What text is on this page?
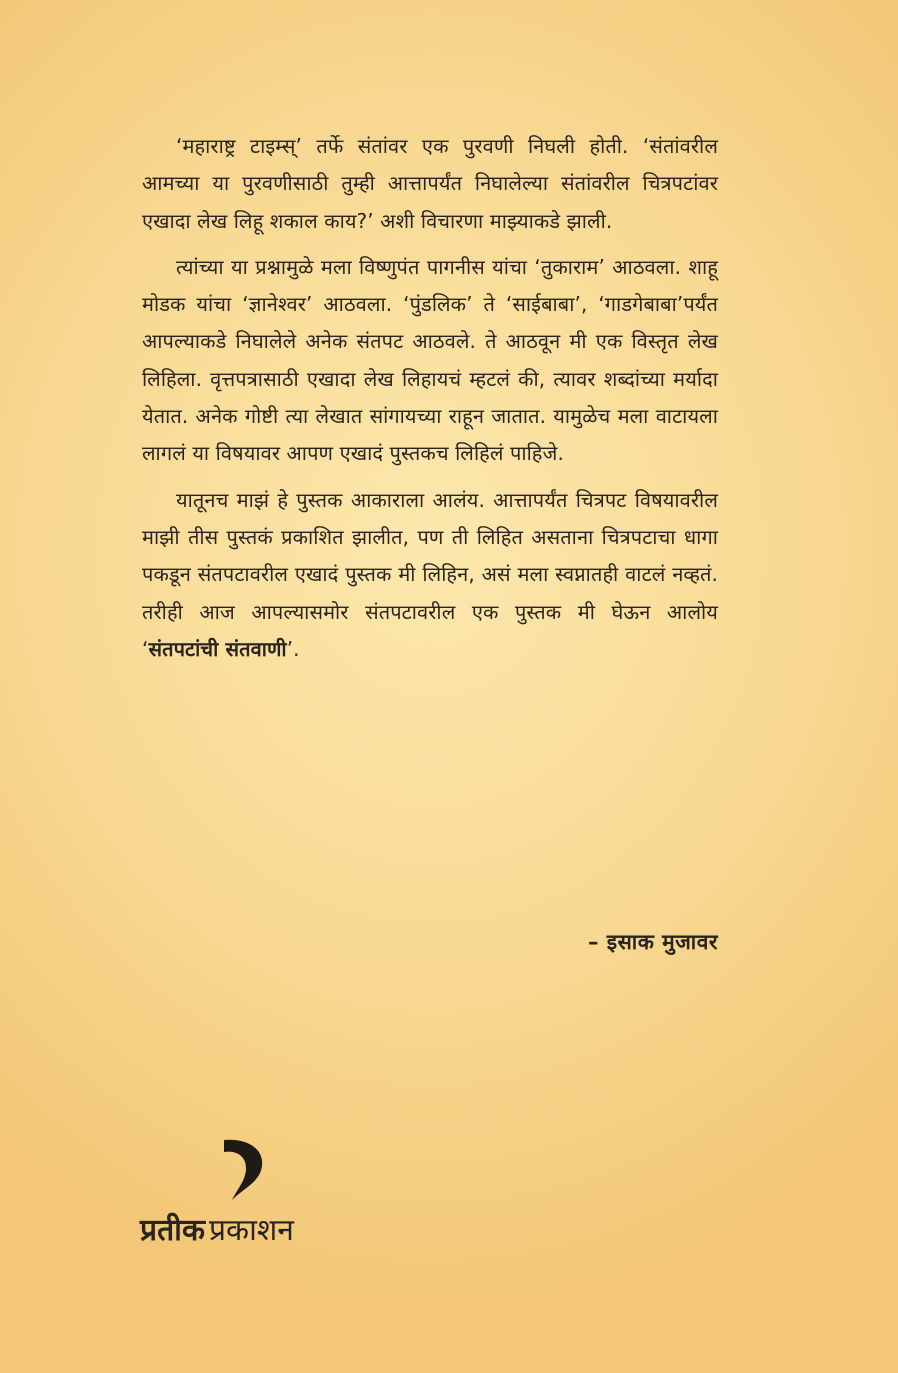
‘महाराष्ट्र टाइम्स्’ तर्फे संतांवर एक पुरवणी निघली होती. ‘संतांवरील आमच्या या पुरवणीसाठी तुम्ही आत्तापर्यंत निघालेल्या संतांवरील चित्रपटांवर एखादा लेख लिहू शकाल काय?’ अशी विचारणा माझ्याकडे झाली.

त्यांच्या या प्रश्नामुळे मला विष्णुपंत पागनीस यांचा ‘तुकाराम’ आठवला. शाहू मोडक यांचा ‘ज्ञानेश्वर’ आठवला. ‘पुंडलिक’ ते ‘साईबाबा’, ‘गाडगेबाबा’पर्यंत आपल्याकडे निघालेले अनेक संतपट आठवले. ते आठवून मी एक विस्तृत लेख लिहिला. वृत्तपत्रासाठी एखादा लेख लिहायचं म्हटलं की, त्यावर शब्दांच्या मर्यादा येतात. अनेक गोष्टी त्या लेखात सांगायच्या राहून जातात. यामुळेच मला वाटायला लागलं या विषयावर आपण एखादं पुस्तकच लिहिलं पाहिजे.

यातूनच माझं हे पुस्तक आकाराला आलंय. आत्तापर्यंत चित्रपट विषयावरील माझी तीस पुस्तकं प्रकाशित झालीत, पण ती लिहित असताना चित्रपटाचा धागा पकडून संतपटावरील एखादं पुस्तक मी लिहिन, असं मला स्वप्नातही वाटलं नव्हतं. तरीही आज आपल्यासमोर संतपटावरील एक पुस्तक मी घेऊन आलोय ‘संतपटांची संतवाणी’.

– इसाक मुजावर
प्रतीक प्रकाशन
